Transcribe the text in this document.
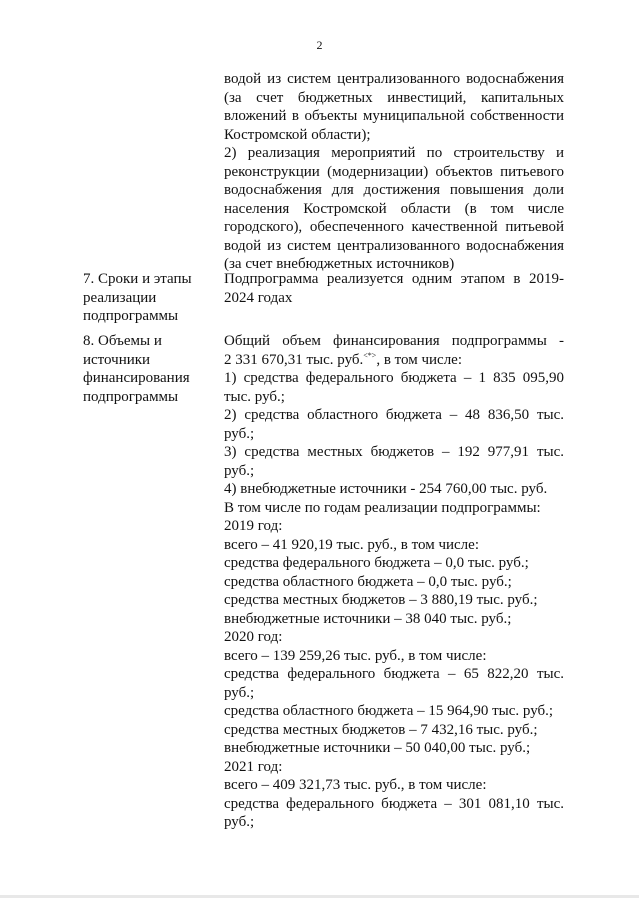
2
водой из систем централизованного водоснабжения
(за счет бюджетных инвестиций, капитальных
вложений в объекты муниципальной собственности
Костромской области);
2) реализация мероприятий по строительству и
реконструкции (модернизации) объектов питьевого
водоснабжения для достижения повышения доли
населения Костромской области (в том числе
городского), обеспеченного качественной питьевой
водой из систем централизованного водоснабжения
(за счет внебюджетных источников)
7. Сроки и этапы
реализации
подпрограммы
Подпрограмма реализуется одним этапом в 2019-
2024 годах
8. Объемы и
источники
финансирования
подпрограммы
Общий объем финансирования подпрограммы -
2 331 670,31 тыс. руб.<*>, в том числе:
1) средства федерального бюджета – 1 835 095,90
тыс. руб.;
2) средства областного бюджета – 48 836,50 тыс.
руб.;
3) средства местных бюджетов – 192 977,91 тыс.
руб.;
4) внебюджетные источники - 254 760,00 тыс. руб.
В том числе по годам реализации подпрограммы:
2019 год:
всего – 41 920,19 тыс. руб., в том числе:
средства федерального бюджета – 0,0 тыс. руб.;
средства областного бюджета – 0,0 тыс. руб.;
средства местных бюджетов – 3 880,19 тыс. руб.;
внебюджетные источники – 38 040 тыс. руб.;
2020 год:
всего – 139 259,26 тыс. руб., в том числе:
средства федерального бюджета – 65 822,20 тыс.
руб.;
средства областного бюджета – 15 964,90 тыс. руб.;
средства местных бюджетов – 7 432,16 тыс. руб.;
внебюджетные источники – 50 040,00 тыс. руб.;
2021 год:
всего – 409 321,73 тыс. руб., в том числе:
средства федерального бюджета – 301 081,10 тыс.
руб.;
